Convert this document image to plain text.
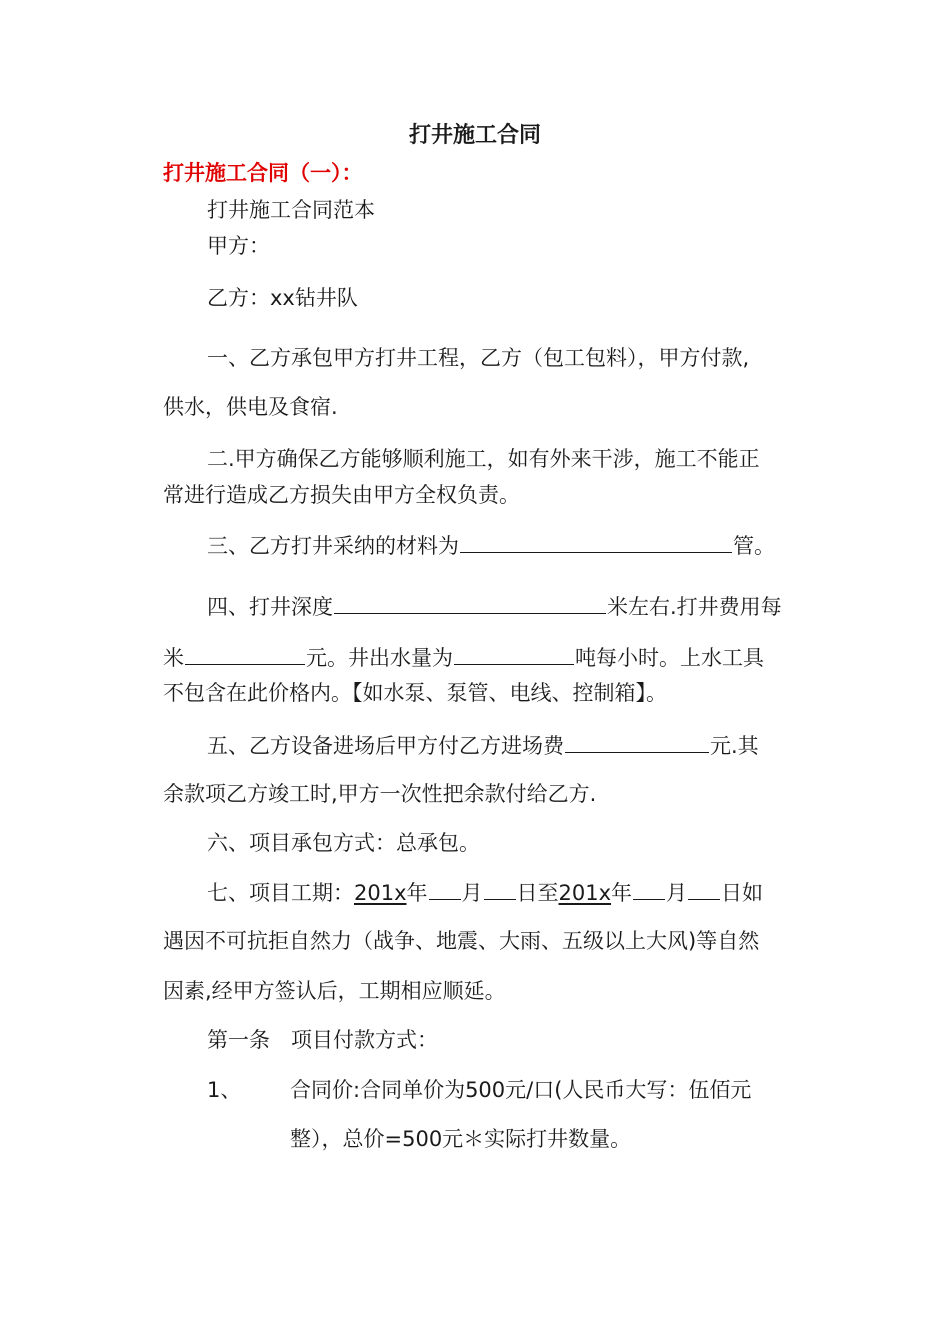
打井施工合同
打井施工合同（一）：
打井施工合同范本
甲方：
乙方：xx钻井队
一、乙方承包甲方打井工程，乙方（包工包料），甲方付款,
供水，供电及食宿.
二.甲方确保乙方能够顺利施工，如有外来干涉，施工不能正
常进行造成乙方损失由甲方全权负责。
三、乙方打井采纳的材料为	管。
四、打井深度	米左右.打井费用每
米	元。井出水量为	吨每小时。上水工具
不包含在此价格内。【如水泵、泵管、电线、控制箱】。
五、乙方设备进场后甲方付乙方进场费	元.其
余款项乙方竣工时,甲方一次性把余款付给乙方.
六、项目承包方式：总承包。
七、项目工期：201x年 月 日至201x年 月 日如
遇因不可抗拒自然力（战争、地震、大雨、五级以上大风)等自然
因素,经甲方签认后，工期相应顺延。
第一条　项目付款方式：
1、 合同价:合同单价为500元/口(人民币大写：伍佰元
整），总价=500元＊实际打井数量。
